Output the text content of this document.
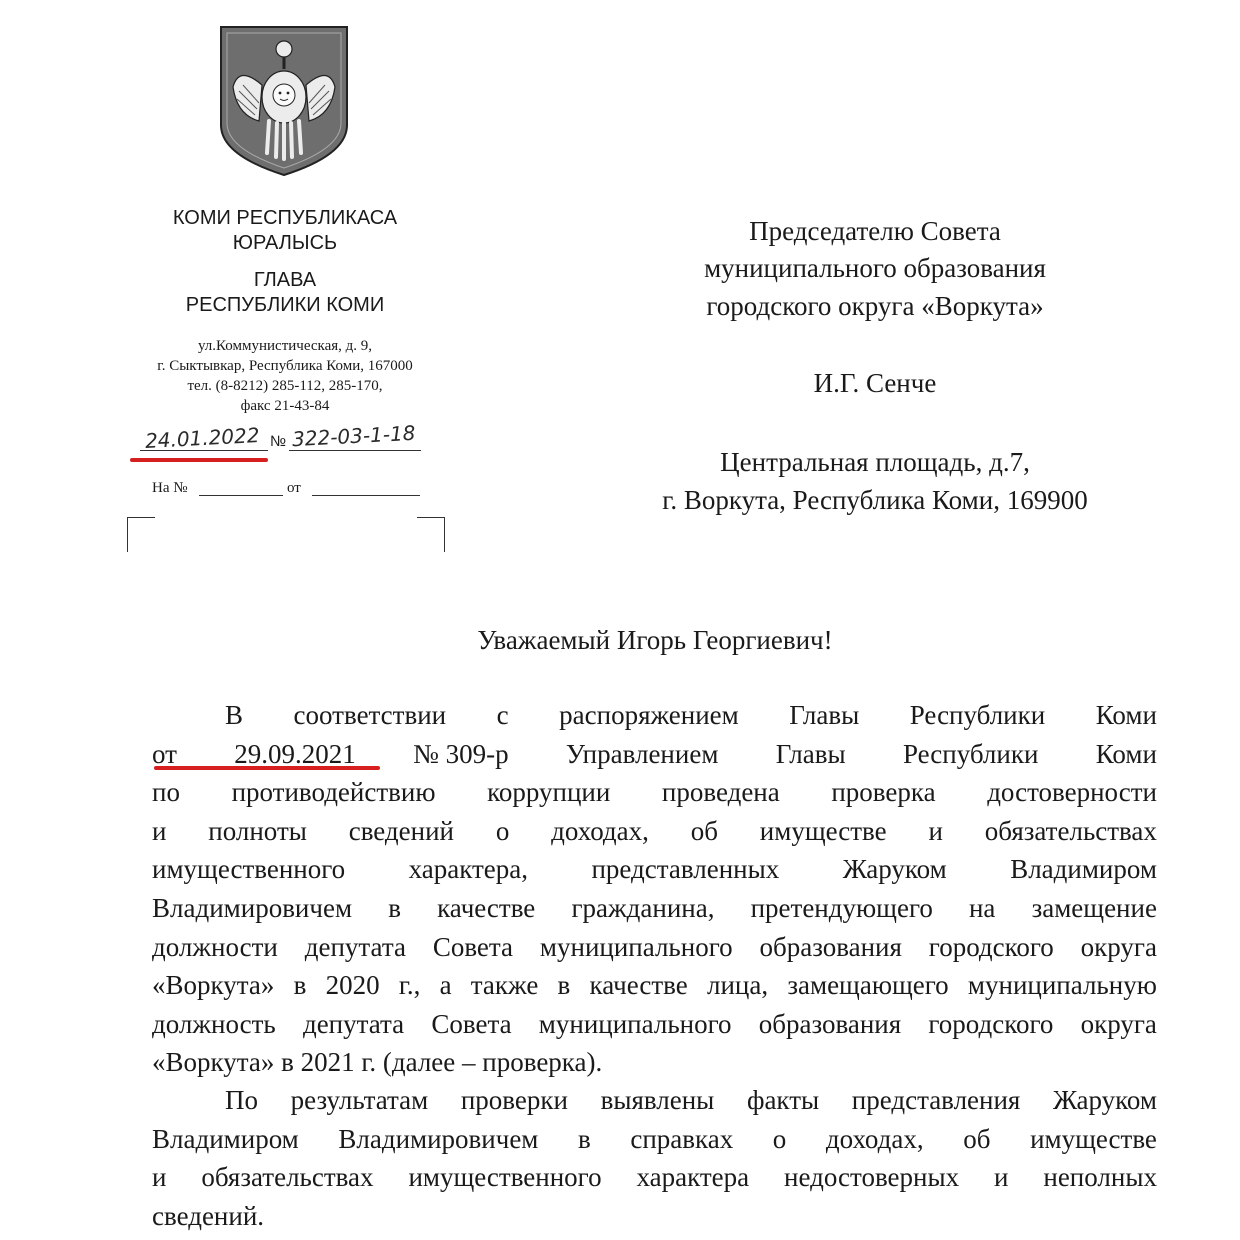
КОМИ РЕСПУБЛИКАСА
ЮРАЛЫСЬ
ГЛАВА
РЕСПУБЛИКИ КОМИ
ул.Коммунистическая, д. 9,
г. Сыктывкар, Республика Коми, 167000
тел. (8-8212) 285-112, 285-170,
факс 21-43-84
24.01.2022 № 322-03-1-18
На №	от
Председателю Совета
муниципального образования
городского округа «Воркута»
И.Г. Сенче
Центральная площадь, д.7,
г. Воркута, Республика Коми, 169900
Уважаемый Игорь Георгиевич!
В соответствии с распоряжением Главы Республики Коми
от 29.09.2021 № 309-р Управлением Главы Республики Коми
по противодействию коррупции проведена проверка достоверности
и полноты сведений о доходах, об имуществе и обязательствах
имущественного характера, представленных Жаруком Владимиром
Владимировичем в качестве гражданина, претендующего на замещение
должности депутата Совета муниципального образования городского округа
«Воркута» в 2020 г., а также в качестве лица, замещающего муниципальную
должность депутата Совета муниципального образования городского округа
«Воркута» в 2021 г. (далее – проверка).
По результатам проверки выявлены факты представления Жаруком
Владимиром Владимировичем в справках о доходах, об имуществе
и обязательствах имущественного характера недостоверных и неполных
сведений.
